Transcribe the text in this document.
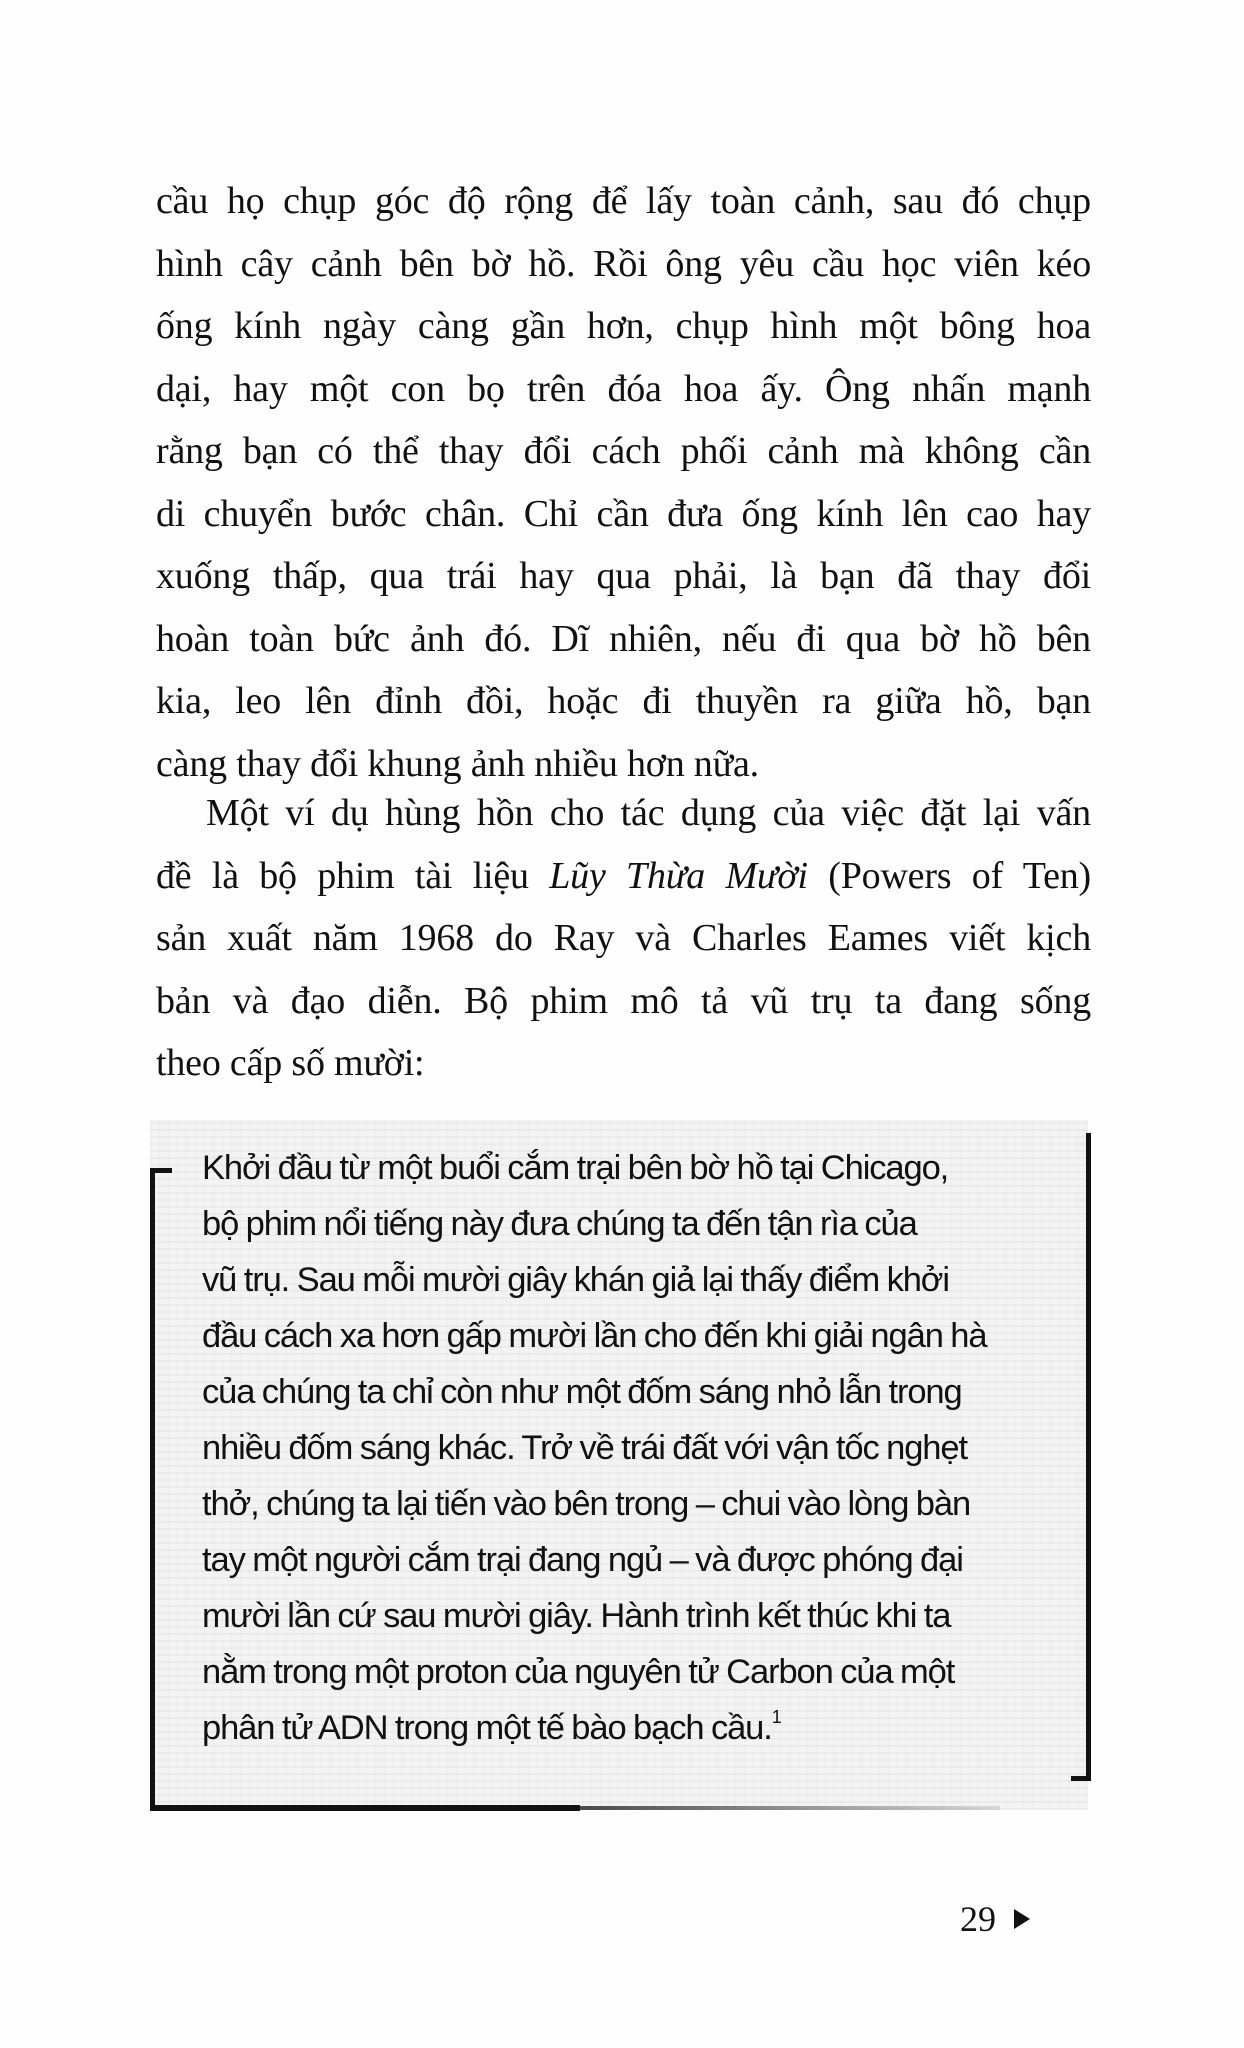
cầu họ chụp góc độ rộng để lấy toàn cảnh, sau đó chụp
hình cây cảnh bên bờ hồ. Rồi ông yêu cầu học viên kéo
ống kính ngày càng gần hơn, chụp hình một bông hoa
dại, hay một con bọ trên đóa hoa ấy. Ông nhấn mạnh
rằng bạn có thể thay đổi cách phối cảnh mà không cần
di chuyển bước chân. Chỉ cần đưa ống kính lên cao hay
xuống thấp, qua trái hay qua phải, là bạn đã thay đổi
hoàn toàn bức ảnh đó. Dĩ nhiên, nếu đi qua bờ hồ bên
kia, leo lên đỉnh đồi, hoặc đi thuyền ra giữa hồ, bạn
càng thay đổi khung ảnh nhiều hơn nữa.
Một ví dụ hùng hồn cho tác dụng của việc đặt lại vấn
đề là bộ phim tài liệu Lũy Thừa Mười (Powers of Ten)
sản xuất năm 1968 do Ray và Charles Eames viết kịch
bản và đạo diễn. Bộ phim mô tả vũ trụ ta đang sống
theo cấp số mười:
Khởi đầu từ một buổi cắm trại bên bờ hồ tại Chicago,
bộ phim nổi tiếng này đưa chúng ta đến tận rìa của
vũ trụ. Sau mỗi mười giây khán giả lại thấy điểm khởi
đầu cách xa hơn gấp mười lần cho đến khi giải ngân hà
của chúng ta chỉ còn như một đốm sáng nhỏ lẫn trong
nhiều đốm sáng khác. Trở về trái đất với vận tốc nghẹt
thở, chúng ta lại tiến vào bên trong – chui vào lòng bàn
tay một người cắm trại đang ngủ – và được phóng đại
mười lần cứ sau mười giây. Hành trình kết thúc khi ta
nằm trong một proton của nguyên tử Carbon của một
phân tử ADN trong một tế bào bạch cầu.$^1$
29
